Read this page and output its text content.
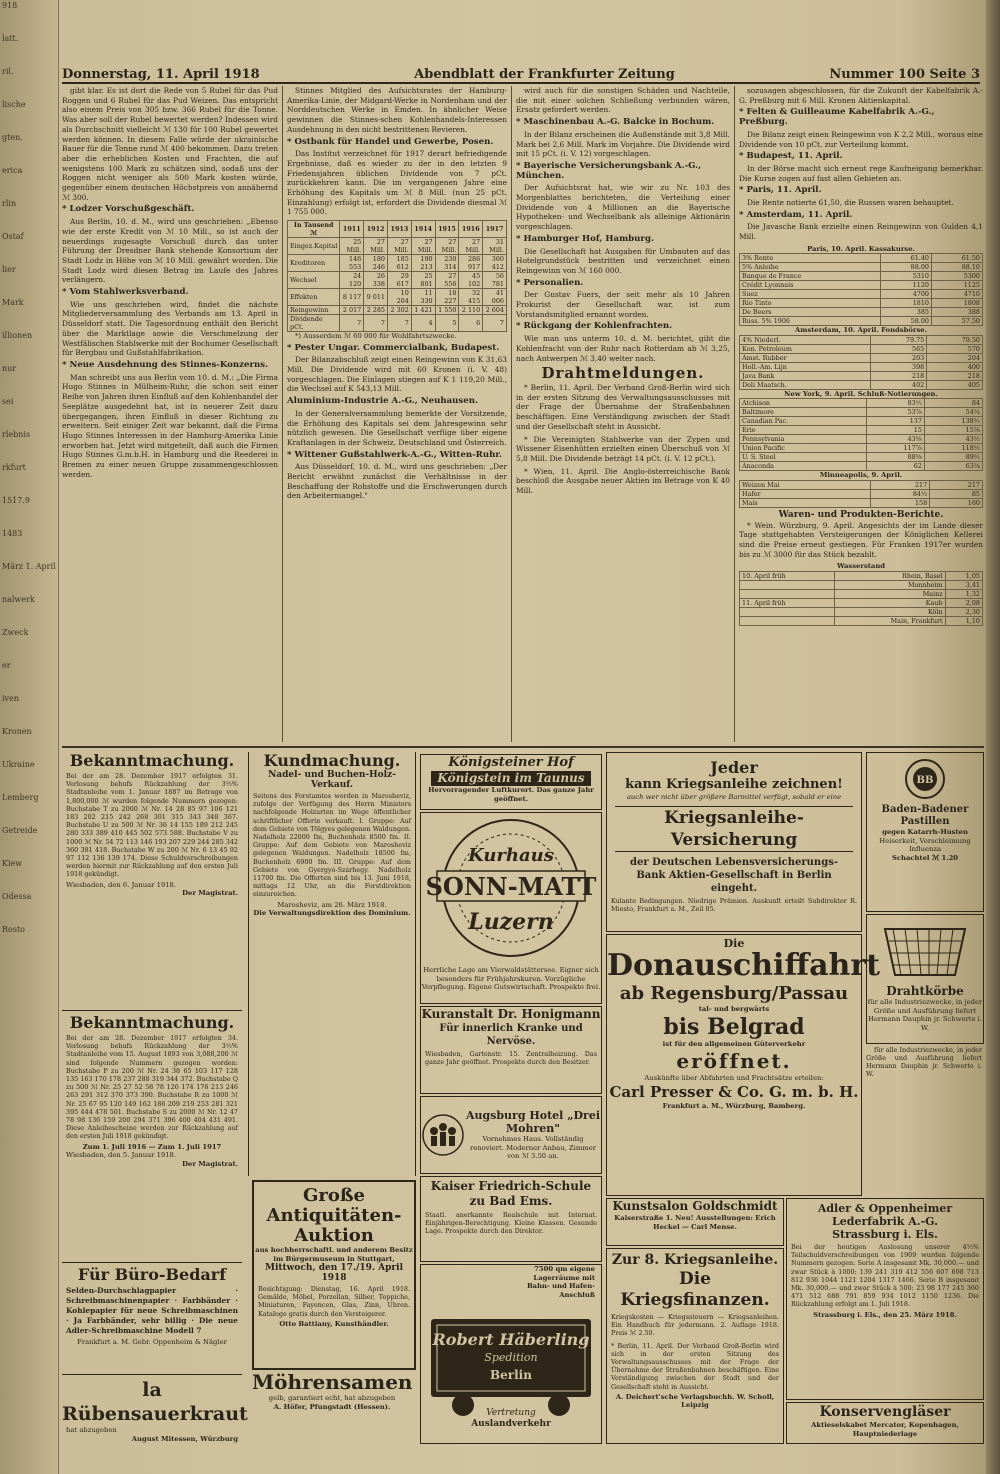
918

latt.

ril.

lische

gten.

erica

rlin

Ostaf

lier

Mark

illionen

nur

sei

rlebnis

rkfurt

1517.9

1483

März 1. April

nalwerk

Zweck

er

iven

Kronen

Ukraine

Lemberg

Getreide

Kiew

Odessa

Rosto

Donnerstag, 11. April 1918	Abendblatt der Frankfurter Zeitung	Nummer 100 Seite 3

gibt klar. Es ist dort die Rede von 5 Rubel für das Pud Roggen und 6 Rubel für das Pud Weizen. Das entspricht also einem Preis von 305 bzw. 366 Rubel für die Tonne. Was aber soll der Rubel bewertet werden? Indessen wird als Durchschnitt vielleicht ℳ 130 für 100 Rubel gewertet werden können. In diesem Falle würde der ukrainische Bauer für die Tonne rund ℳ 400 bekommen. Dazu treten aber die erheblichen Kosten und Frachten, die auf wenigstens 100 Mark zu schätzen sind, sodaß uns der Roggen nicht weniger als 500 Mark kosten würde, gegenüber einem deutschen Höchstpreis von annähernd ℳ 300.

* Lodzer Vorschußgeschäft.

Aus Berlin, 10. d. M., wird uns geschrieben: „Ebenso wie der erste Kredit von ℳ 10 Mill., so ist auch der neuerdings zugesagte Vorschuß durch das unter Führung der Dresdner Bank stehende Konsortium der Stadt Lodz in Höhe von ℳ 10 Mill. gewährt worden. Die Stadt Lodz wird diesen Betrag im Laufe des Jahres verlängern.

* Vom Stahlwerksverband.

Wie uns geschrieben wird, findet die nächste Mitgliederversammlung des Verbands am 13. April in Düsseldorf statt. Die Tagesordnung enthält den Bericht über die Marktlage sowie die Verschmelzung der Westfälischen Stahlwerke mit der Bochumer Gesellschaft für Bergbau und Gußstahlfabrikation.

* Neue Ausdehnung des Stinnes-Konzerns.

Man schreibt uns aus Berlin vom 10. d. M.: „Die Firma Hugo Stinnes in Mülheim-Ruhr, die schon seit einer Reihe von Jahren ihren Einfluß auf den Kohlenhandel der Seeplätze ausgedehnt hat, ist in neuerer Zeit dazu übergegangen, ihren Einfluß in dieser Richtung zu erweitern. Seit einiger Zeit war bekannt, daß die Firma Hugo Stinnes Interessen in der Hamburg-Amerika Linie erworben hat. Jetzt wird mitgeteilt, daß auch die Firmen Hugo Stinnes G.m.b.H. in Hamburg und die Reederei in Bremen zu einer neuen Gruppe zusammengeschlossen werden.

Stinnes Mitglied des Aufsichtsrates der Hamburg-Amerika-Linie, der Midgard-Werke in Nordenham und der Norddeutschen Werke in Emden. In ähnlicher Weise gewinnen die Stinnes-schen Kohlenhandels-Interessen Ausdehnung in den nicht bestrittenen Revieren.

* Ostbank für Handel und Gewerbe, Posen.

Das Institut verzeichnet für 1917 derart befriedigende Ergebnisse, daß es wieder zu der in den letzten 9 Friedensjahren üblichen Dividende von 7 pCt. zurückkehren kann. Die im vergangenen Jahre eine Erhöhung des Kapitals um ℳ 8 Mill. (nun 25 pCt. Einzahlung) erfolgt ist, erfordert die Dividende diesmal ℳ 1 755 000.

In Tausend ℳ	1911	1912	1913	1914	1915	1916	1917
Eingez.Kapital	25 Mill.	27 Mill.	27 Mill.	27 Mill.	27 Mill.	27 Mill.	31 Mill.
Kreditoren	146 553	180 246	185 612	190 213	230 314	286 917	360 412
Wechsel	24 120	26 338	29 617	25 801	27 556	45 102	56 781
Effekten	8 117	9 011	10 204	11 330	18 227	32 415	41 006
Reingewinn	2 017	2 285	2 302	1 421	1 550	2 110	2 604
Dividende pCt.	7	7	7	4	5	6	7

*) Ausserdem ℳ 60 000 für Wohlfahrtszwecke.

* Pester Ungar. Commercialbank, Budapest.

Der Bilanzabschluß zeigt einen Reingewinn von K 31,63 Mill. Die Dividende wird mit 60 Kronen (i. V. 48) vorgeschlagen. Die Einlagen stiegen auf K 1 119,20 Mill., die Wechsel auf K 543,13 Mill.

Aluminium-Industrie A.-G., Neuhausen.

In der Generalversammlung bemerkte der Vorsitzende, die Erhöhung des Kapitals sei dem Jahresgewinn sehr nützlich gewesen. Die Gesellschaft verfüge über eigene Kraftanlagen in der Schweiz, Deutschland und Österreich.

* Wittener Gußstahlwerk-A.-G., Witten-Ruhr.

Aus Düsseldorf, 10. d. M., wird uns geschrieben: „Der Bericht erwähnt zunächst die Verhältnisse in der Beschaffung der Rohstoffe und die Erschwerungen durch den Arbeitermangel."

wird auch für die sonstigen Schäden und Nachteile, die mit einer solchen Schließung verbunden wären, Ersatz gefordert werden.

* Maschinenbau A.-G. Balcke in Bochum.

In der Bilanz erscheinen die Außenstände mit 3,8 Mill. Mark bei 2,6 Mill. Mark im Vorjahre. Die Dividende wird mit 15 pCt. (i. V. 12) vorgeschlagen.

* Bayerische Versicherungsbank A.-G., München.

Der Aufsichtsrat hat, wie wir zu Nr. 103 des Morgenblattes berichteten, die Verteilung einer Dividende von 4 Millionen an die Bayerische Hypotheken- und Wechselbank als alleinige Aktionärin vorgeschlagen.

* Hamburger Hof, Hamburg.

Die Gesellschaft hat Ausgaben für Umbauten auf das Hotelgrundstück bestritten und verzeichnet einen Reingewinn von ℳ 160 000.

* Personalien.

Der Gustav Fuers, der seit mehr als 10 Jahren Prokurist der Gesellschaft war, ist zum Vorstandsmitglied ernannt worden.

* Rückgang der Kohlenfrachten.

Wie man uns unterm 10. d. M. berichtet, gibt die Kohlenfracht von der Ruhr nach Rotterdam ab ℳ 3,25, nach Antwerpen ℳ 3,40 weiter nach.

Drahtmeldungen.

* Berlin, 11. April. Der Verband Groß-Berlin wird sich in der ersten Sitzung des Verwaltungsausschusses mit der Frage der Übernahme der Straßenbahnen beschäftigen. Eine Verständigung zwischen der Stadt und der Gesellschaft steht in Aussicht.

* Die Vereinigten Stahlwerke van der Zypen und Wissener Eisenhütten erzielten einen Überschuß von ℳ 5,8 Mill. Die Dividende beträgt 14 pCt. (i. V. 12 pCt.).

* Wien, 11. April. Die Anglo-österreichische Bank beschloß die Ausgabe neuer Aktien im Betrage von K 40 Mill.

sozusagen abgeschlossen, für die Zukunft der Kabelfabrik A.-G. Preßburg mit 6 Mill. Kronen Aktienkapital.

* Felten & Guilleaume Kabelfabrik A.-G., Preßburg.

Die Bilanz zeigt einen Reingewinn von K 2,2 Mill., woraus eine Dividende von 10 pCt. zur Verteilung kommt.

* Budapest, 11. April.

In der Börse macht sich erneut rege Kaufneigung bemerkbar. Die Kurse zogen auf fast allen Gebieten an.

* Paris, 11. April.

Die Rente notierte 61,50, die Russen waren behauptet.

* Amsterdam, 11. April.

Die Javasche Bank erzielte einen Reingewinn von Gulden 4,1 Mill.

Paris, 10. April. Kassakurse.
3% Rente	61.40	61.50
5% Anleihe	88.00	88.10
Banque de France	5310	5300
Crédit Lyonnais	1120	1125
Suez	4700	4710
Rio Tinto	1810	1808
De Beers	385	388
Russ. 5% 1906	58.00	57.50
Amsterdam, 10. April. Fondsbörse.
4% Niederl.	79.75	79.50
Kon. Petroleum	565	570
Amst. Rubber	203	204
Holl.-Am. Lijn	398	400
Java Bank	218	218
Deli Maatsch.	402	405
New York, 9. April. Schluß-Notierungen.
Atchison	83½	84
Baltimore	53⅞	54¼
Canadian Pac.	137	138½
Erie	15	15⅛
Pennsylvania	43⅝	43½
Union Pacific	117⅞	118½
U. S. Steel	88⅝	89½
Anaconda	62	63¼
Minneapolis, 9. April.
Weizen Mai	217	217
Hafer	84½	85
Mais	158	160
Waren- und Produkten-Berichte.

* Wein. Würzburg, 9. April. Angesichts der im Lande dieser Tage stattgehabten Versteigerungen der Königlichen Kellerei sind die Preise erneut gestiegen. Für Franken 1917er wurden bis zu ℳ 3000 für das Stück bezahlt.

Wasserstand
10. April früh	Rhein, Basel	1,05
	Mannheim	3,41
	Mainz	1,32
11. April früh	Kaub	2,08
	Köln	2,30
	Main, Frankfurt	1,10
Bekanntmachung.
Bei der am 28. Dezember 1917 erfolgten 31. Verlosung behufs Rückzahlung der 3½% Stadtanleihe vom 1. Januar 1887 im Betrage von 1,800,000 ℳ wurden folgende Nummern gezogen: Buchstabe T zu 2000 ℳ Nr. 14 28 85 97 106 121 183 202 215 242 268 301 315 343 348 367. Buchstabe U zu 500 ℳ Nr. 36 14 155 189 212 245 280 333 389 410 445 502 573 588. Buchstabe V zu 1000 ℳ Nr. 54 72 113 146 193 207 229 244 285 342 360 381 418. Buchstabe W zu 200 ℳ Nr. 6 13 45 92 97 112 136 139 174. Diese Schuldverschreibungen werden hiermit zur Rückzahlung auf den ersten Juli 1918 gekündigt.
Wiesbaden, den 6. Januar 1918.
Der Magistrat.
Bekanntmachung.
Bei der am 28. Dezember 1917 erfolgten 34. Verlosung behufs Rückzahlung der 3½% Stadtanleihe vom 15. August 1893 von 3,088,200 ℳ sind folgende Nummern gezogen worden: Buchstabe P zu 200 ℳ Nr. 24 38 65 103 117 128 135 163 170 178 237 288 319 344 372. Buchstabe Q zu 500 ℳ Nr. 25 27 52 58 78 126 174 176 213 246 263 291 312 370 373 390. Buchstabe R zu 1000 ℳ Nr. 25 67 95 120 149 162 186 209 219 253 281 321 395 444 478 501. Buchstabe S zu 2000 ℳ Nr. 12 47 78 98 136 159 200 294 371 396 400 404 431 491. Diese Anleihescheine werden zur Rückzahlung auf den ersten Juli 1918 gekündigt.
Zum 1. Juli 1916 — Zum 1. Juli 1917
Wiesbaden, den 5. Januar 1918.
Der Magistrat.
Für Büro-Bedarf
Selden-Durchschlagpapier · Schreibmaschinenpapier · Farbbänder · Kohlepapier für neue Schreibmaschinen · Ja Farbbänder, sehr billig · Die neue Adler-Schreibmaschine Modell 7
Frankfurt a. M. Gebr. Oppenheim & Nägler
la Rübensauerkraut
hat abzugeben
August Mitessen, Würzburg
Kundmachung.
Nadel- und Buchen-Holz-Verkauf.
Seitens des Forstamtes werden in Marosheviz, zufolge der Verfügung des Herrn Ministers nachfolgende Holzarten im Wege öffentlicher schriftlicher Offerte verkauft. I. Gruppe: Auf dem Gebiete von Tölgyes gelegenen Waldungen. Nadelholz 22000 fm, Buchenholz 8500 fm. II. Gruppe: Auf dem Gebiete von Marosheviz gelegenen Waldungen. Nadelholz 18500 fm, Buchenholz 6900 fm. III. Gruppe: Auf dem Gebiete von Gyergyó-Szárhegy. Nadelholz 11700 fm. Die Offerten sind bis 13. Juni 1918, mittags 12 Uhr, an die Forstdirektion einzureichen.
Marosheviz, am 26. März 1918.
Die Verwaltungsdirektion des Dominium.
Große Antiquitäten-Auktion
aus hochherrschaftl. und anderem Besitz im Bürgermuseum in Stuttgart,
Mittwoch, den 17./19. April 1918
Besichtigung: Dienstag, 16. April 1918. Gemälde, Möbel, Porzellan, Silber, Teppiche, Miniaturen, Fayencen, Glas, Zinn, Uhren. Kataloge gratis durch den Versteigerer.
Otto Battiany, Kunsthändler.
Möhrensamen
gelb, garantiert echt, hat abzugeben
A. Höfer, Pfungstadt (Hessen).
Königsteiner Hof
Königstein im Taunus
Hervorragender Luftkurort. Das ganze Jahr geöffnet.
Kurhaus
SONN-MATT
Luzern
Herrliche Lage am Vierwaldstättersee. Eigner sich besonders für Frühjahrskuren. Vorzügliche Verpflegung. Eigene Gutswirtschaft. Prospekte frei.
Kuranstalt Dr. Honigmann
Für innerlich Kranke und Nervöse.
Wiesbaden, Gartenstr. 15. Zentralheizung. Das ganze Jahr geöffnet. Prospekte durch den Besitzer.
Augsburg Hotel „Drei Mohren"
Vornehmes Haus. Vollständig renoviert. Moderner Anbau, Zimmer von ℳ 3.50 an.
Kaiser Friedrich-Schule zu Bad Ems.
Staatl. anerkannte Realschule mit Internat. Einjährigen-Berechtigung. Kleine Klassen. Gesunde Lage. Prospekte durch den Direktor.
7500 qm eigene Lagerräume mit Bahn- und Hafen-Anschluß
Robert Häberling
Spedition
Berlin
Vertretung
Auslandverkehr
Jeder
kann Kriegsanleihe zeichnen!
auch wer nicht über größere Barmittel verfügt, sobald er eine
Kriegsanleihe-Versicherung
der Deutschen Lebensversicherungs-Bank Aktien-Gesellschaft in Berlin eingeht.
Kulante Bedingungen. Niedrige Prämien. Auskunft erteilt Subdirektor R. Miesto, Frankfurt a. M., Zeil 85.
Die
Donauschiffahrt
ab Regensburg/Passau
tal- und bergwärts
bis Belgrad
ist für den allgemeinen Güterverkehr
eröffnet.
Auskünfte über Abfahrten und Frachtsätze erteilen:
Carl Presser & Co. G. m. b. H.
Frankfurt a. M., Würzburg, Bamberg.
BB
Baden-Badener
Pastillen
gegen Katarrh-Husten
Heiserkeit, Verschleimung
Influenza
Schachtel ℳ 1.20
Drahtkörbe
für alle Industriezwecke, in jeder Größe und Ausführung liefert Hermann Dauphin jr. Schwerte i. W.

für alle Industriezwecke, in jeder Größe und Ausführung liefert Hermann Dauphin jr. Schwerte i. W.

Kunstsalon Goldschmidt
Kaiserstraße 1. Neu! Ausstellungen: Erich Heckel — Carl Mense.
Zur 8. Kriegsanleihe.
Die Kriegsfinanzen.
Kriegskosten — Kriegssteuern — Kriegsanleihen. Ein Handbuch für jedermann. 2. Auflage 1918. Preis ℳ 2.50.
* Berlin, 11. April. Der Verband Groß-Berlin wird sich in der ersten Sitzung des Verwaltungsausschusses mit der Frage der Übernahme der Straßenbahnen beschäftigen. Eine Verständigung zwischen der Stadt und der Gesellschaft steht in Aussicht.
A. Deichert'sche Verlagsbuchh. W. Scholl, Leipzig
Adler & Oppenheimer Lederfabrik A.-G.
Strassburg i. Els.
Bei der heutigen Auslosung unserer 4½% Teilschuldverschreibungen von 1909 wurden folgende Nummern gezogen: Serie A insgesamt Mk. 30,000.— und zwar Stück à 1000: 139 241 319 412 556 607 698 713 812 936 1044 1121 1204 1317 1466. Serie B insgesamt Mk. 30,000.— und zwar Stück à 500: 23 98 177 245 360 471 512 688 791 859 934 1012 1150 1236. Die Rückzahlung erfolgt am 1. Juli 1918.
Strassburg i. Els., den 25. März 1918.
Konservengläser
Aktieselskabet Mercator, Kopenhagen, Hauptniederlage
